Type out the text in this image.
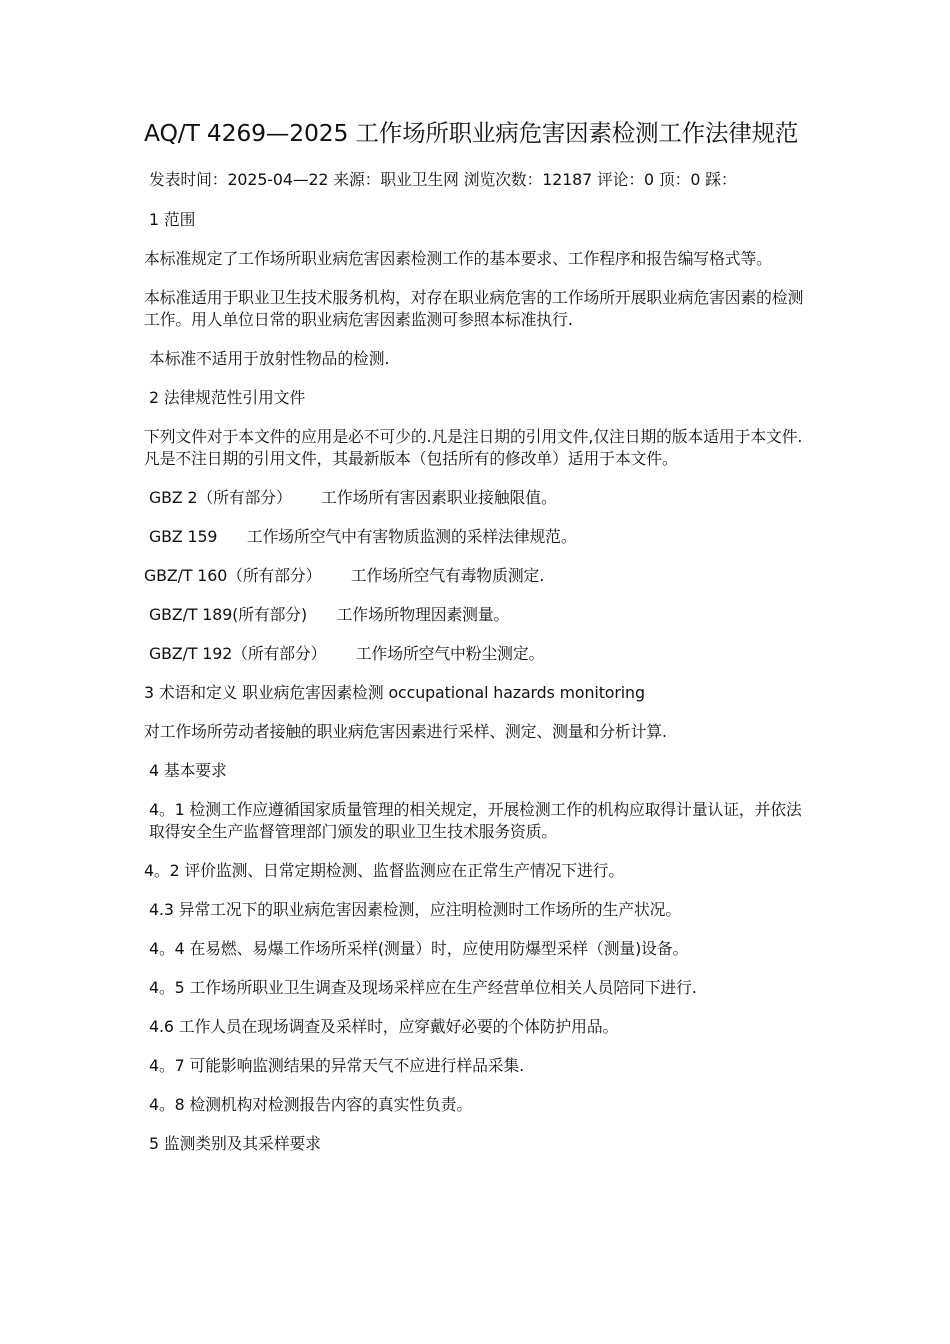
AQ/T 4269—2025 工作场所职业病危害因素检测工作法律规范

发表时间：2025-04—22 来源：职业卫生网 浏览次数：12187 评论：0 顶：0 踩：

1 范围

本标准规定了工作场所职业病危害因素检测工作的基本要求、工作程序和报告编写格式等。

本标准适用于职业卫生技术服务机构，对存在职业病危害的工作场所开展职业病危害因素的检测工作。用人单位日常的职业病危害因素监测可参照本标准执行.

本标准不适用于放射性物品的检测.

2 法律规范性引用文件

下列文件对于本文件的应用是必不可少的.凡是注日期的引用文件,仅注日期的版本适用于本文件.凡是不注日期的引用文件，其最新版本（包括所有的修改单）适用于本文件。

GBZ 2（所有部分）      工作场所有害因素职业接触限值。

GBZ 159      工作场所空气中有害物质监测的采样法律规范。

GBZ/T 160（所有部分）      工作场所空气有毒物质测定.

GBZ/T 189(所有部分)      工作场所物理因素测量。

GBZ/T 192（所有部分）      工作场所空气中粉尘测定。

3 术语和定义 职业病危害因素检测 occupational hazards monitoring

对工作场所劳动者接触的职业病危害因素进行采样、测定、测量和分析计算.

4 基本要求

4。1 检测工作应遵循国家质量管理的相关规定，开展检测工作的机构应取得计量认证，并依法取得安全生产监督管理部门颁发的职业卫生技术服务资质。

4。2 评价监测、日常定期检测、监督监测应在正常生产情况下进行。

4.3 异常工况下的职业病危害因素检测，应注明检测时工作场所的生产状况。

4。4 在易燃、易爆工作场所采样(测量）时，应使用防爆型采样（测量)设备。

4。5 工作场所职业卫生调查及现场采样应在生产经营单位相关人员陪同下进行.

4.6 工作人员在现场调查及采样时，应穿戴好必要的个体防护用品。

4。7 可能影响监测结果的异常天气不应进行样品采集.

4。8 检测机构对检测报告内容的真实性负责。

5 监测类别及其采样要求
